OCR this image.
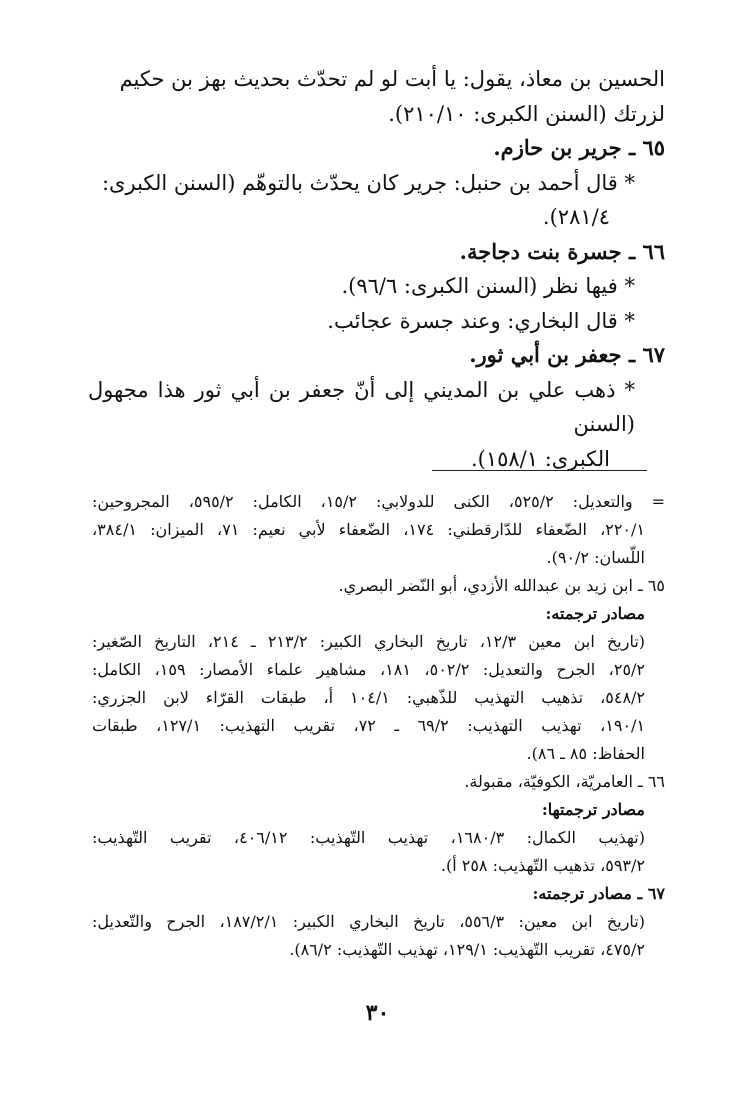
الحسين بن معاذ، يقول: يا أبت لو لم تحدّث بحديث بهز بن حكيم

لزرتك (السنن الكبرى: ٢١٠/١٠).

٦٥ ـ جرير بن حازم.

* قال أحمد بن حنبل: جرير كان يحدّث بالتوهّم (السنن الكبرى:

٢٨١/٤).

٦٦ ـ جسرة بنت دجاجة.

* فيها نظر (السنن الكبرى: ٩٦/٦).

* قال البخاري: وعند جسرة عجائب.

٦٧ ـ جعفر بن أبي ثور.

* ذهب علي بن المديني إلى أنّ جعفر بن أبي ثور هذا مجهول (السنن

الكبرى: ١٥٨/١).

= والتعديل: ٥٢٥/٢، الكنى للدولابي: ١٥/٢، الكامل: ٥٩٥/٢، المجروحين:

٢٢٠/١، الضّعفاء للدّارقطني: ١٧٤، الضّعفاء لأبي نعيم: ٧١، الميزان: ٣٨٤/١،

اللّسان: ٩٠/٢).

٦٥ ـ ابن زيد بن عبدالله الأزدي، أبو النّضر البصري.

مصادر ترجمته:

(تاريخ ابن معين ١٢/٣، تاريخ البخاري الكبير: ٢١٣/٢ ـ ٢١٤، التاريخ الصّغير:

٢٥/٢، الجرح والتعديل: ٥٠٢/٢، ١٨١، مشاهير علماء الأمصار: ١٥٩، الكامل:

٥٤٨/٢، تذهيب التهذيب للذّهبي: ١٠٤/١ أ، طبقات القرّاء لابن الجزري:

١٩٠/١، تهذيب التهذيب: ٦٩/٢ ـ ٧٢، تقريب التهذيب: ١٢٧/١، طبقات

الحفاظ: ٨٥ ـ ٨٦).

٦٦ ـ العامريّة، الكوفيّة، مقبولة.

مصادر ترجمتها:

(تهذيب الكمال: ١٦٨٠/٣، تهذيب التّهذيب: ٤٠٦/١٢، تقريب التّهذيب:

٥٩٣/٢، تذهيب التّهذيب: ٢٥٨ أ).

٦٧ ـ مصادر ترجمته:

(تاريخ ابن معين: ٥٥٦/٣، تاريخ البخاري الكبير: ١٨٧/٢/١، الجرح والتّعديل:

٤٧٥/٢، تقريب التّهذيب: ١٢٩/١، تهذيب التّهذيب: ٨٦/٢).

٣٠
